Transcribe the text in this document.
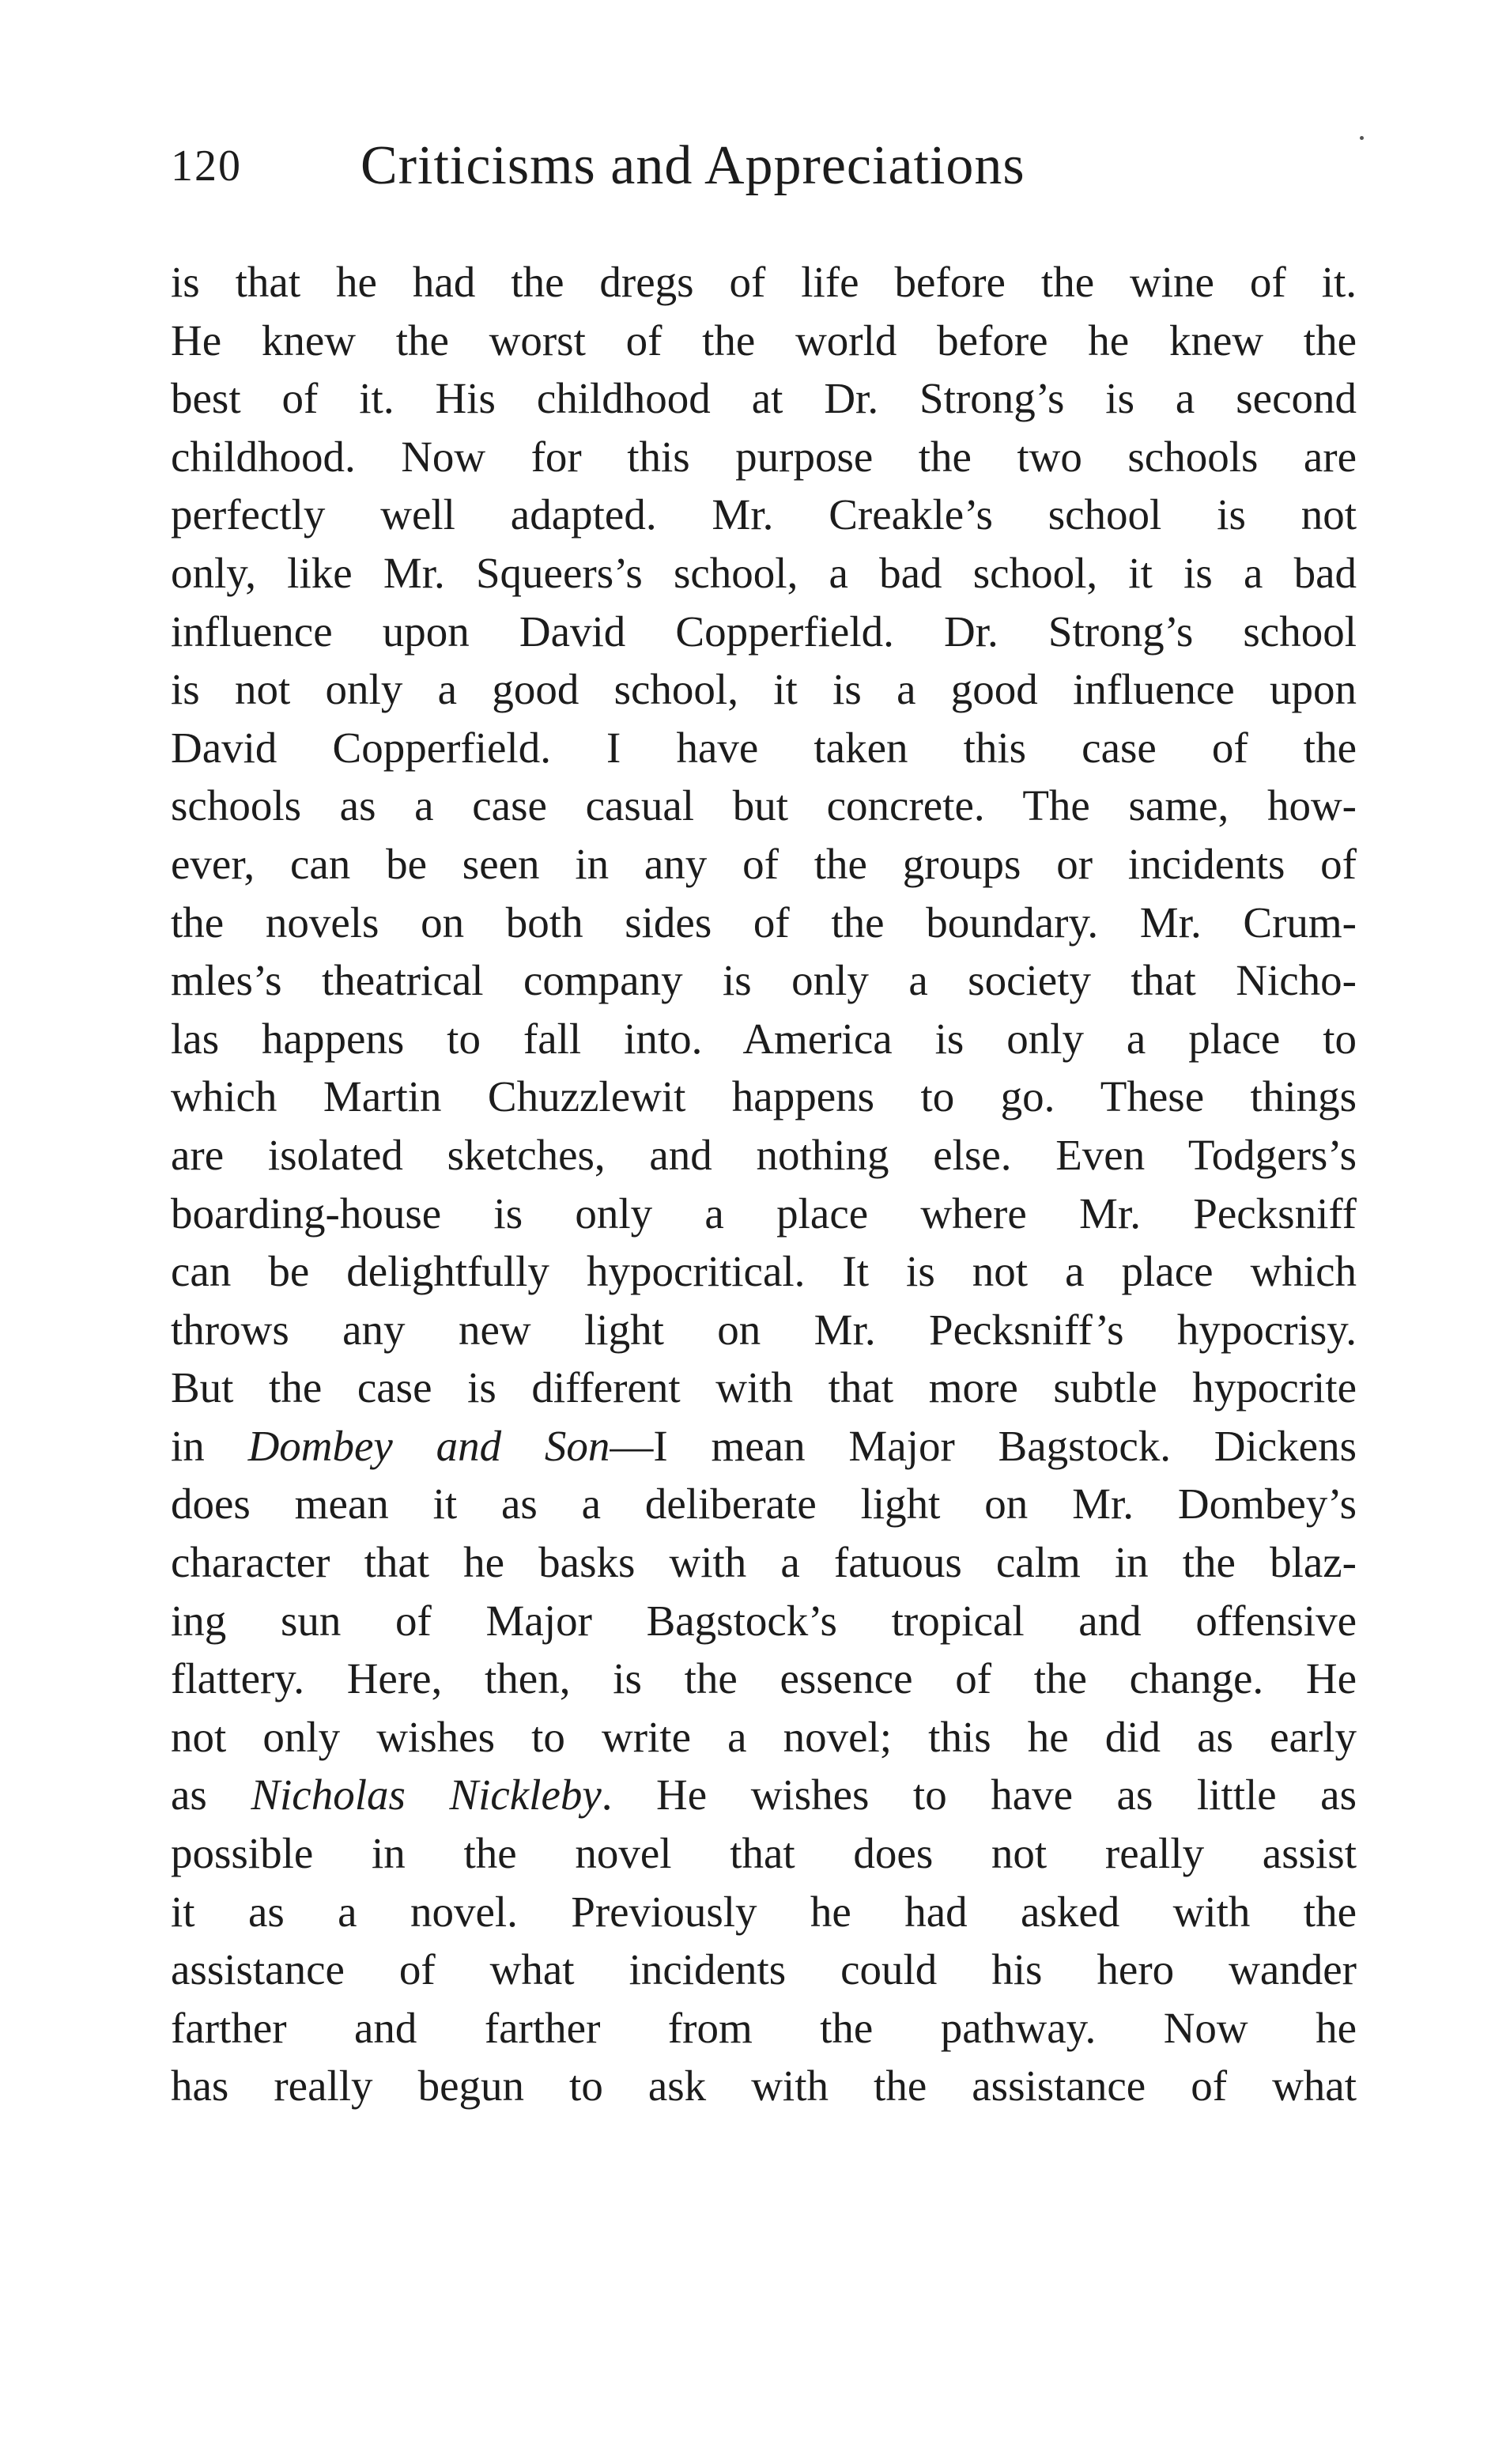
120 Criticisms and Appreciations
is that he had the dregs of life before the wine of it.
He knew the worst of the world before he knew the
best of it. His childhood at Dr. Strong’s is a second
childhood. Now for this purpose the two schools are
perfectly well adapted. Mr. Creakle’s school is not
only, like Mr. Squeers’s school, a bad school, it is a bad
influence upon David Copperfield. Dr. Strong’s school
is not only a good school, it is a good influence upon
David Copperfield. I have taken this case of the
schools as a case casual but concrete. The same, how-
ever, can be seen in any of the groups or incidents of
the novels on both sides of the boundary. Mr. Crum-
mles’s theatrical company is only a society that Nicho-
las happens to fall into. America is only a place to
which Martin Chuzzlewit happens to go. These things
are isolated sketches, and nothing else. Even Todgers’s
boarding-house is only a place where Mr. Pecksniff
can be delightfully hypocritical. It is not a place which
throws any new light on Mr. Pecksniff’s hypocrisy.
But the case is different with that more subtle hypocrite
in Dombey and Son—I mean Major Bagstock. Dickens
does mean it as a deliberate light on Mr. Dombey’s
character that he basks with a fatuous calm in the blaz-
ing sun of Major Bagstock’s tropical and offensive
flattery. Here, then, is the essence of the change. He
not only wishes to write a novel; this he did as early
as Nicholas Nickleby. He wishes to have as little as
possible in the novel that does not really assist
it as a novel. Previously he had asked with the
assistance of what incidents could his hero wander
farther and farther from the pathway. Now he
has really begun to ask with the assistance of what
